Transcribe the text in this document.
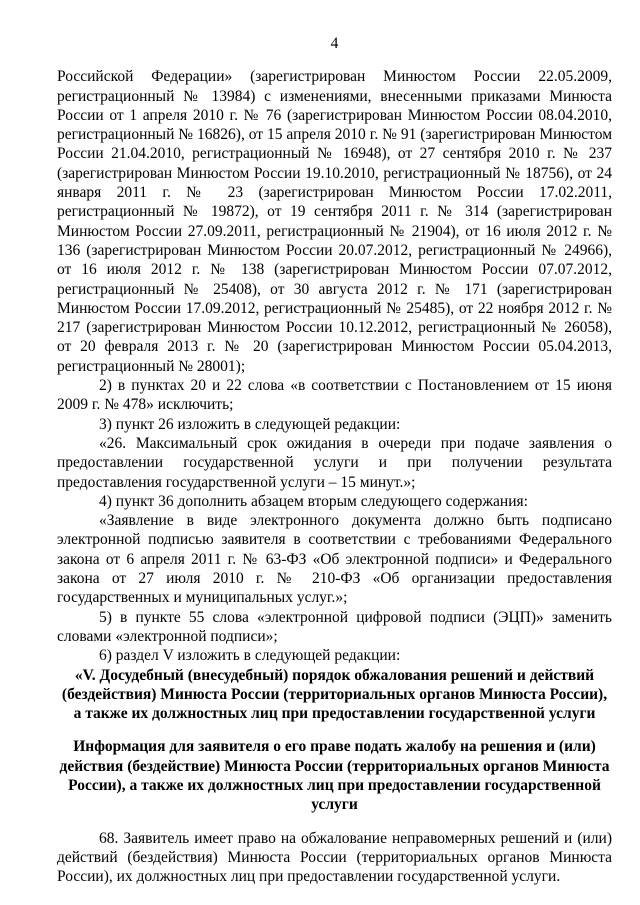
4

Российской Федерации» (зарегистрирован Минюстом России 22.05.2009, регистрационный № 13984) с изменениями, внесенными приказами Минюста России от 1 апреля 2010 г. № 76 (зарегистрирован Минюстом России 08.04.2010, регистрационный № 16826), от 15 апреля 2010 г. № 91 (зарегистрирован Минюстом России 21.04.2010, регистрационный № 16948), от 27 сентября 2010 г. № 237 (зарегистрирован Минюстом России 19.10.2010, регистрационный № 18756), от 24 января 2011 г. № 23 (зарегистрирован Минюстом России 17.02.2011, регистрационный № 19872), от 19 сентября 2011 г. № 314 (зарегистрирован Минюстом России 27.09.2011, регистрационный № 21904), от 16 июля 2012 г. № 136 (зарегистрирован Минюстом России 20.07.2012, регистрационный № 24966), от 16 июля 2012 г. № 138 (зарегистрирован Минюстом России 07.07.2012, регистрационный № 25408), от 30 августа 2012 г. № 171 (зарегистрирован Минюстом России 17.09.2012, регистрационный № 25485), от 22 ноября 2012 г. № 217 (зарегистрирован Минюстом России 10.12.2012, регистрационный № 26058), от 20 февраля 2013 г. № 20 (зарегистрирован Минюстом России 05.04.2013, регистрационный № 28001);

2) в пунктах 20 и 22 слова «в соответствии с Постановлением от 15 июня 2009 г. № 478» исключить;

3) пункт 26 изложить в следующей редакции:

«26. Максимальный срок ожидания в очереди при подаче заявления о предоставлении государственной услуги и при получении результата предоставления государственной услуги – 15 минут.»;

4) пункт 36 дополнить абзацем вторым следующего содержания:

«Заявление в виде электронного документа должно быть подписано электронной подписью заявителя в соответствии с требованиями Федерального закона от 6 апреля 2011 г. № 63-ФЗ «Об электронной подписи» и Федерального закона от 27 июля 2010 г. № 210-ФЗ «Об организации предоставления государственных и муниципальных услуг.»;

5) в пункте 55 слова «электронной цифровой подписи (ЭЦП)» заменить словами «электронной подписи»;

6) раздел V изложить в следующей редакции:

«V. Досудебный (внесудебный) порядок обжалования решений и действий (бездействия) Минюста России (территориальных органов Минюста России), а также их должностных лиц при предоставлении государственной услуги

Информация для заявителя о его праве подать жалобу на решения и (или) действия (бездействие) Минюста России (территориальных органов Минюста России), а также их должностных лиц при предоставлении государственной услуги

68. Заявитель имеет право на обжалование неправомерных решений и (или) действий (бездействия) Минюста России (территориальных органов Минюста России), их должностных лиц при предоставлении государственной услуги.
